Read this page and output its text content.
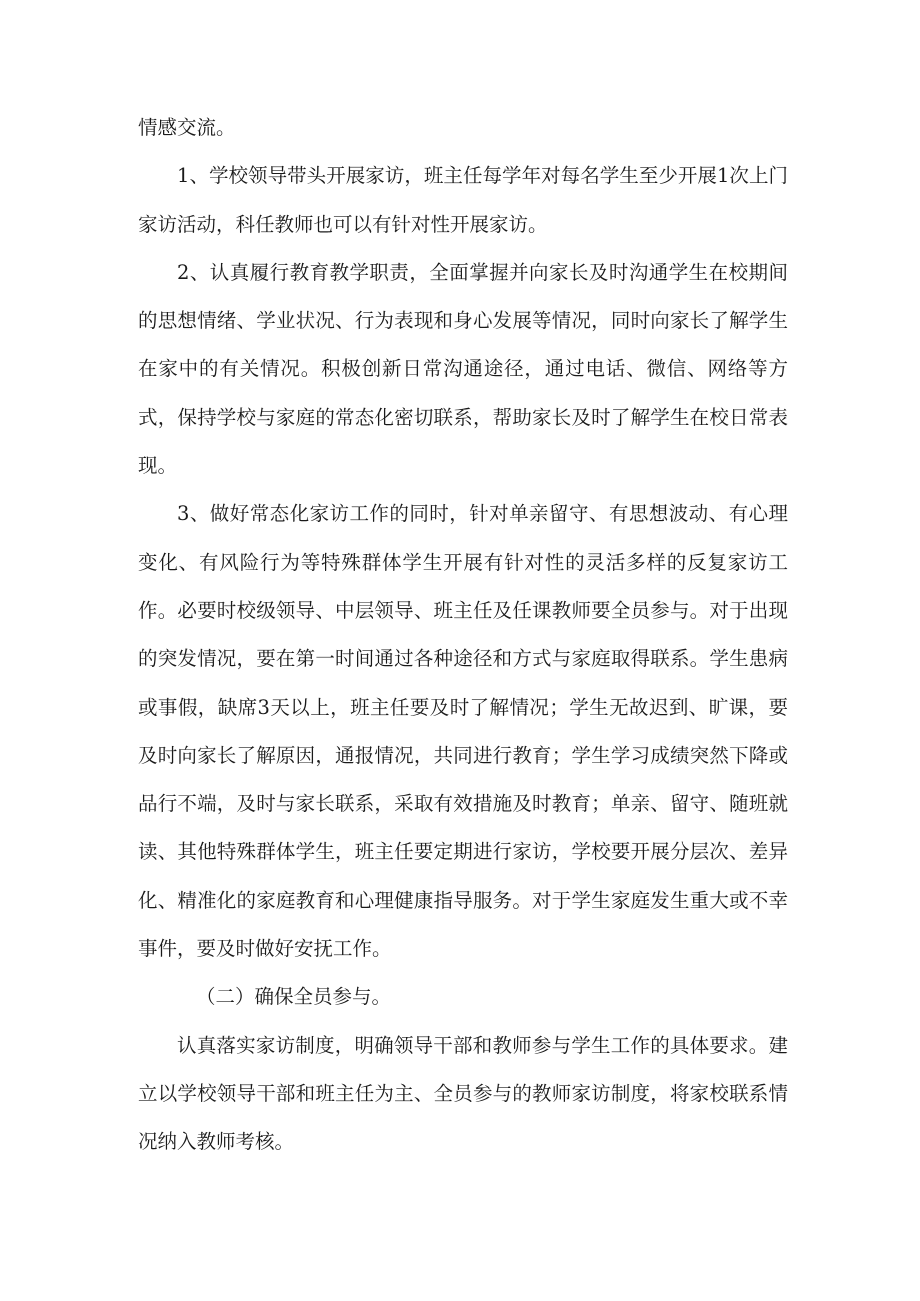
情感交流。

1、学校领导带头开展家访，班主任每学年对每名学生至少开展1次上门家访活动，科任教师也可以有针对性开展家访。

2、认真履行教育教学职责，全面掌握并向家长及时沟通学生在校期间的思想情绪、学业状况、行为表现和身心发展等情况，同时向家长了解学生在家中的有关情况。积极创新日常沟通途径，通过电话、微信、网络等方式，保持学校与家庭的常态化密切联系，帮助家长及时了解学生在校日常表现。

3、做好常态化家访工作的同时，针对单亲留守、有思想波动、有心理变化、有风险行为等特殊群体学生开展有针对性的灵活多样的反复家访工作。必要时校级领导、中层领导、班主任及任课教师要全员参与。对于出现的突发情况，要在第一时间通过各种途径和方式与家庭取得联系。学生患病或事假，缺席3天以上，班主任要及时了解情况；学生无故迟到、旷课，要及时向家长了解原因，通报情况，共同进行教育；学生学习成绩突然下降或品行不端，及时与家长联系，采取有效措施及时教育；单亲、留守、随班就读、其他特殊群体学生，班主任要定期进行家访，学校要开展分层次、差异化、精准化的家庭教育和心理健康指导服务。对于学生家庭发生重大或不幸事件，要及时做好安抚工作。

（二）确保全员参与。

认真落实家访制度，明确领导干部和教师参与学生工作的具体要求。建立以学校领导干部和班主任为主、全员参与的教师家访制度，将家校联系情况纳入教师考核。
